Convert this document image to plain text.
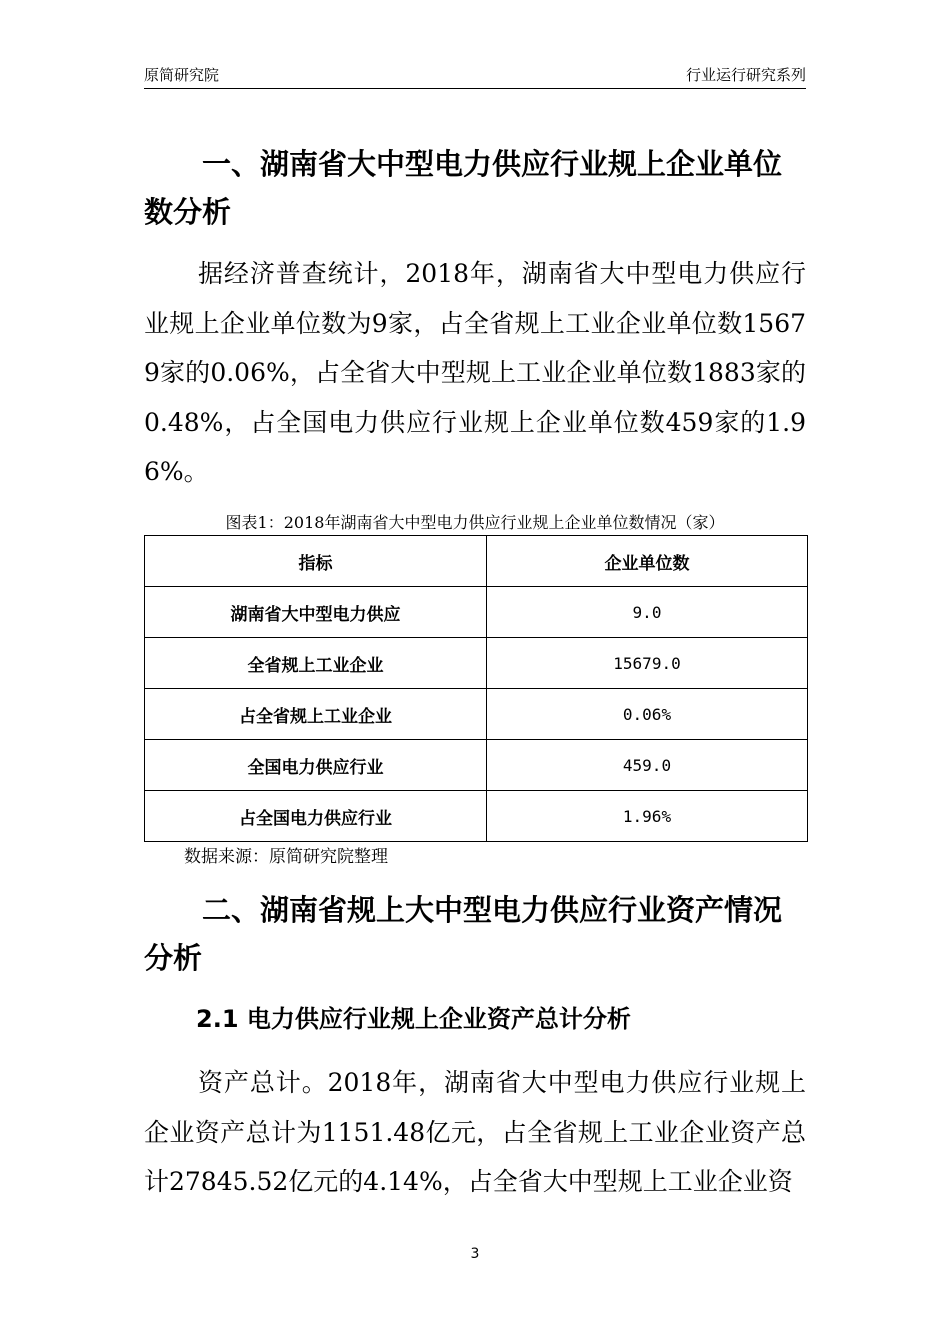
原简研究院	行业运行研究系列
一、湖南省大中型电力供应行业规上企业单位数分析

据经济普查统计，2018年，湖南省大中型电力供应行业规上企业单位数为9家，占全省规上工业企业单位数15679家的0.06%，占全省大中型规上工业企业单位数1883家的0.48%，占全国电力供应行业规上企业单位数459家的1.96%。

图表1：2018年湖南省大中型电力供应行业规上企业单位数情况（家）

指标	企业单位数
湖南省大中型电力供应	9.0
全省规上工业企业	15679.0
占全省规上工业企业	0.06%
全国电力供应行业	459.0
占全国电力供应行业	1.96%

数据来源：原简研究院整理

二、湖南省规上大中型电力供应行业资产情况分析
2.1 电力供应行业规上企业资产总计分析

资产总计。2018年，湖南省大中型电力供应行业规上企业资产总计为1151.48亿元，占全省规上工业企业资产总计27845.52亿元的4.14%，占全省大中型规上工业企业资

3
